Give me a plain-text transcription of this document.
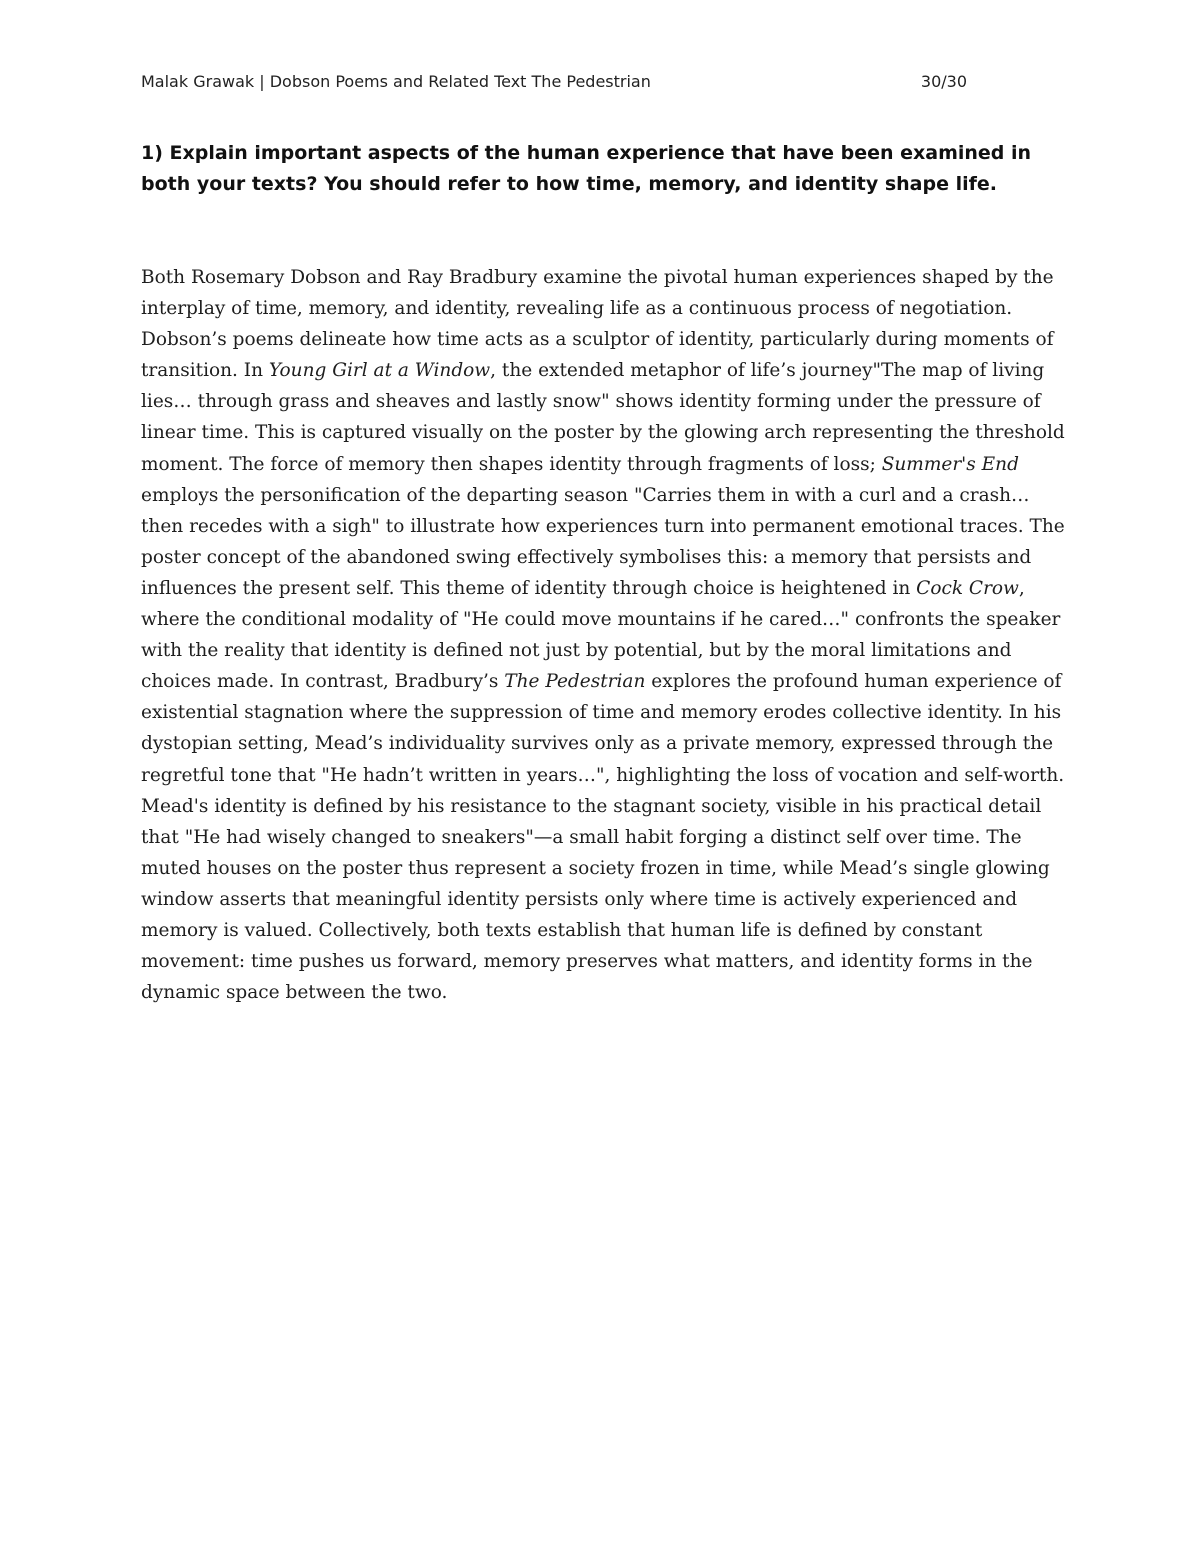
Malak Grawak | Dobson Poems and Related Text The Pedestrian	30/30

1) Explain important aspects of the human experience that have been examined in both your texts? You should refer to how time, memory, and identity shape life.

Both Rosemary Dobson and Ray Bradbury examine the pivotal human experiences shaped by the interplay of time, memory, and identity, revealing life as a continuous process of negotiation. Dobson’s poems delineate how time acts as a sculptor of identity, particularly during moments of transition. In Young Girl at a Window, the extended metaphor of life’s journey"The map of living lies… through grass and sheaves and lastly snow" shows identity forming under the pressure of linear time. This is captured visually on the poster by the glowing arch representing the threshold moment. The force of memory then shapes identity through fragments of loss; Summer's End employs the personification of the departing season "Carries them in with a curl and a crash… then recedes with a sigh" to illustrate how experiences turn into permanent emotional traces. The poster concept of the abandoned swing effectively symbolises this: a memory that persists and influences the present self. This theme of identity through choice is heightened in Cock Crow, where the conditional modality of "He could move mountains if he cared…" confronts the speaker with the reality that identity is defined not just by potential, but by the moral limitations and choices made. In contrast, Bradbury’s The Pedestrian explores the profound human experience of existential stagnation where the suppression of time and memory erodes collective identity. In his dystopian setting, Mead’s individuality survives only as a private memory, expressed through the regretful tone that "He hadn’t written in years…", highlighting the loss of vocation and self-worth. Mead's identity is defined by his resistance to the stagnant society, visible in his practical detail that "He had wisely changed to sneakers"—a small habit forging a distinct self over time. The muted houses on the poster thus represent a society frozen in time, while Mead’s single glowing window asserts that meaningful identity persists only where time is actively experienced and memory is valued. Collectively, both texts establish that human life is defined by constant movement: time pushes us forward, memory preserves what matters, and identity forms in the dynamic space between the two.
